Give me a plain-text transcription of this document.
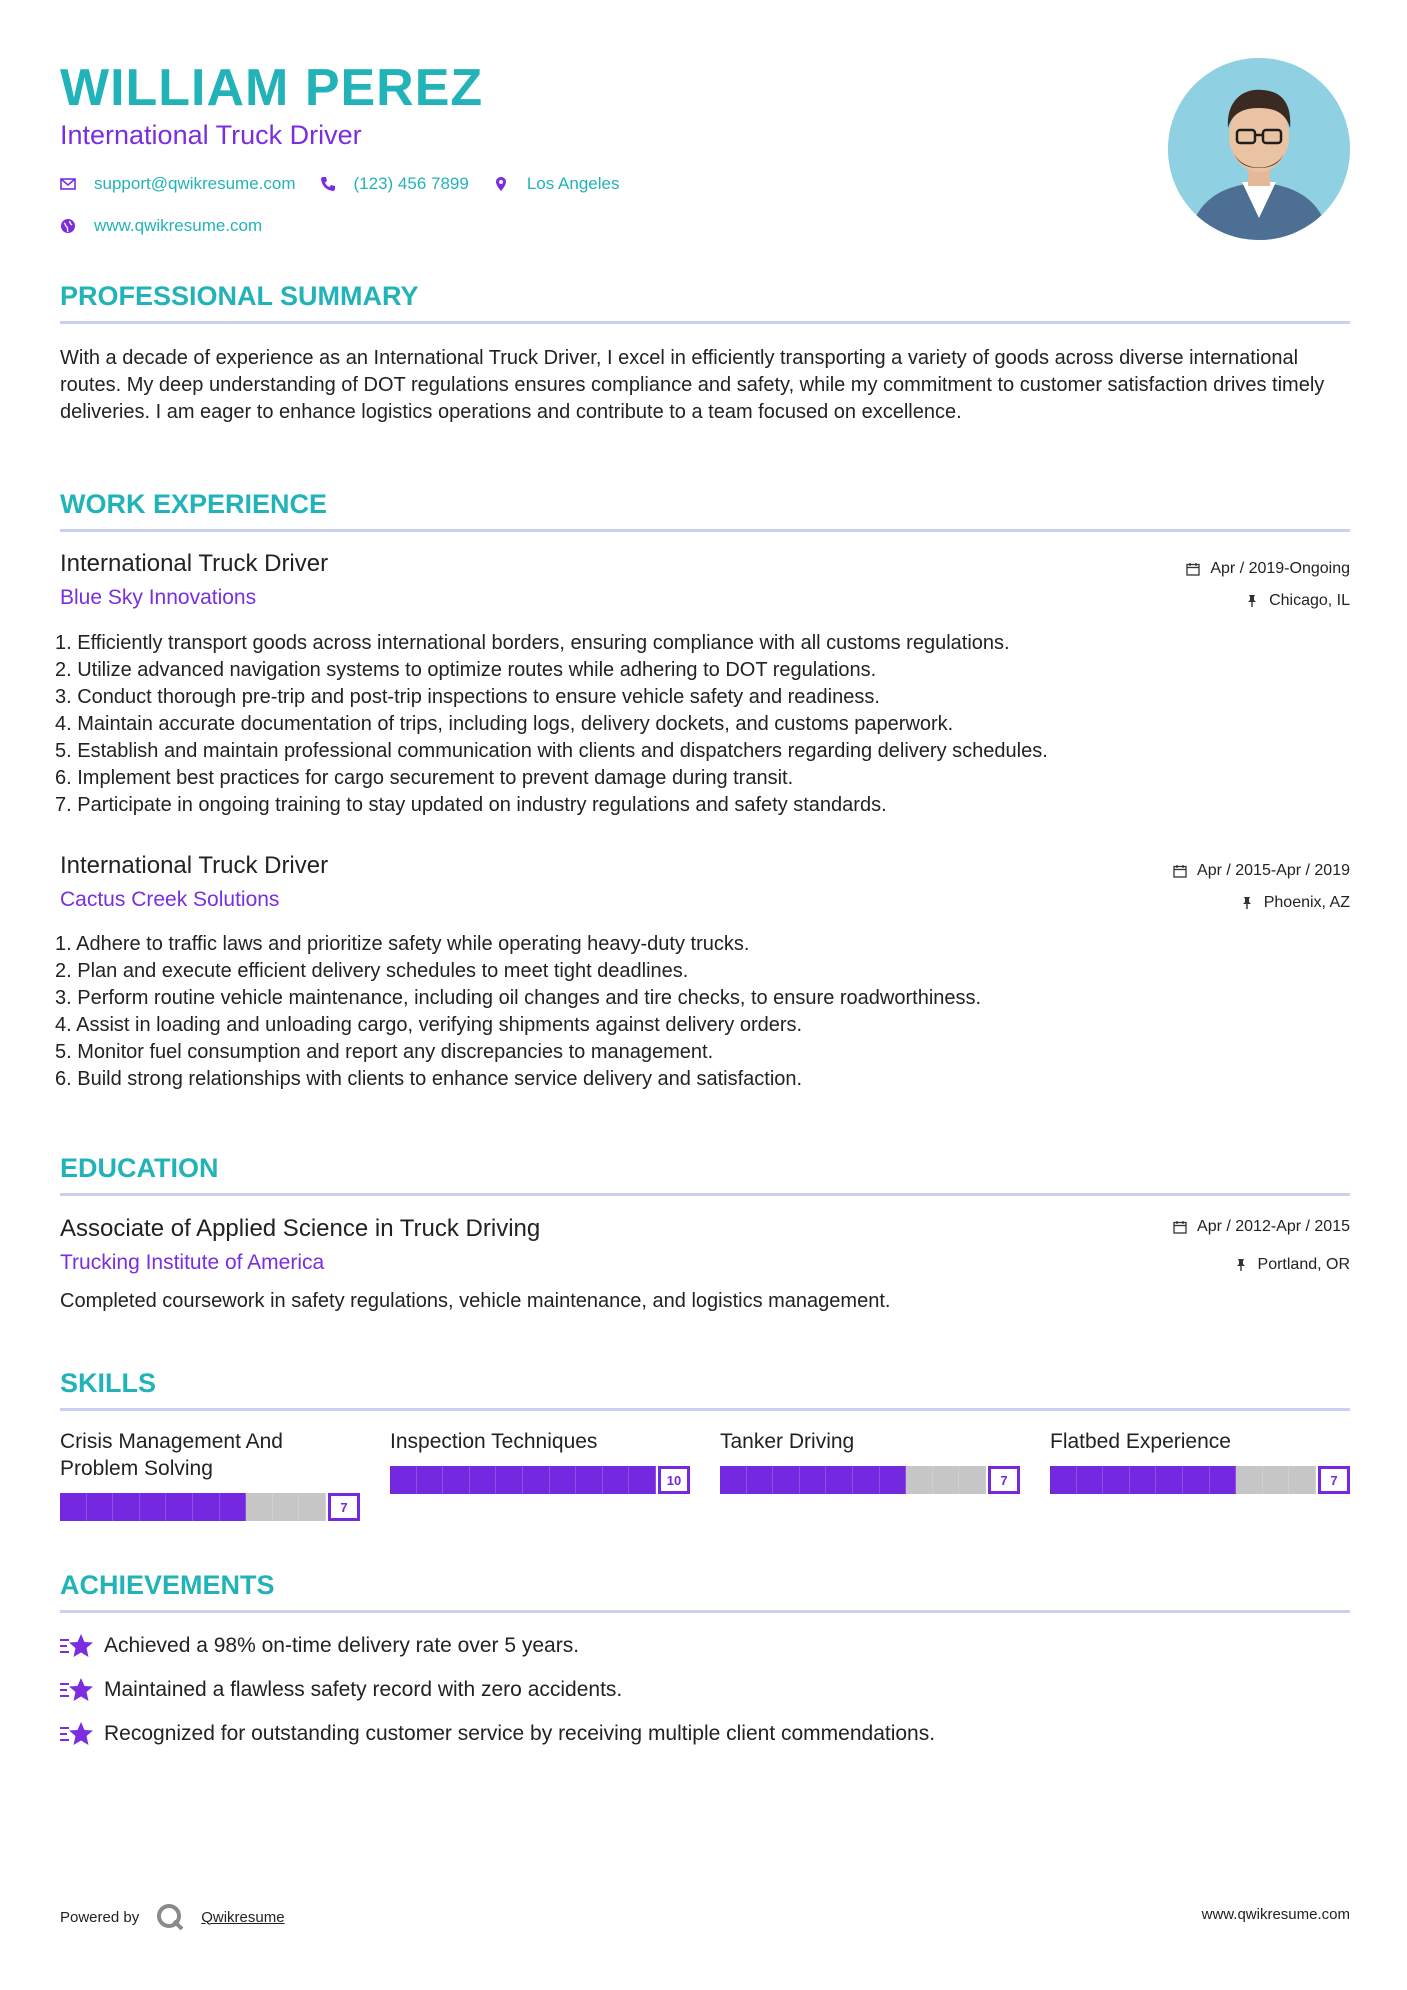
WILLIAM PEREZ
International Truck Driver
support@qwikresume.com	(123) 456 7899	Los Angeles
www.qwikresume.com
PROFESSIONAL SUMMARY
With a decade of experience as an International Truck Driver, I excel in efficiently transporting a variety of goods across diverse international routes. My deep understanding of DOT regulations ensures compliance and safety, while my commitment to customer satisfaction drives timely deliveries. I am eager to enhance logistics operations and contribute to a team focused on excellence.
WORK EXPERIENCE
International Truck Driver
Blue Sky Innovations
Apr / 2019-Ongoing
Chicago, IL
1. Efficiently transport goods across international borders, ensuring compliance with all customs regulations.
2. Utilize advanced navigation systems to optimize routes while adhering to DOT regulations.
3. Conduct thorough pre-trip and post-trip inspections to ensure vehicle safety and readiness.
4. Maintain accurate documentation of trips, including logs, delivery dockets, and customs paperwork.
5. Establish and maintain professional communication with clients and dispatchers regarding delivery schedules.
6. Implement best practices for cargo securement to prevent damage during transit.
7. Participate in ongoing training to stay updated on industry regulations and safety standards.
International Truck Driver
Cactus Creek Solutions
Apr / 2015-Apr / 2019
Phoenix, AZ
1. Adhere to traffic laws and prioritize safety while operating heavy-duty trucks.
2. Plan and execute efficient delivery schedules to meet tight deadlines.
3. Perform routine vehicle maintenance, including oil changes and tire checks, to ensure roadworthiness.
4. Assist in loading and unloading cargo, verifying shipments against delivery orders.
5. Monitor fuel consumption and report any discrepancies to management.
6. Build strong relationships with clients to enhance service delivery and satisfaction.
EDUCATION
Associate of Applied Science in Truck Driving
Trucking Institute of America
Apr / 2012-Apr / 2015
Portland, OR
Completed coursework in safety regulations, vehicle maintenance, and logistics management.
SKILLS
Crisis Management And Problem Solving
7
Inspection Techniques
10
Tanker Driving
7
Flatbed Experience
7
ACHIEVEMENTS
Achieved a 98% on-time delivery rate over 5 years.
Maintained a flawless safety record with zero accidents.
Recognized for outstanding customer service by receiving multiple client commendations.
Powered by	Qwikresume	www.qwikresume.com
